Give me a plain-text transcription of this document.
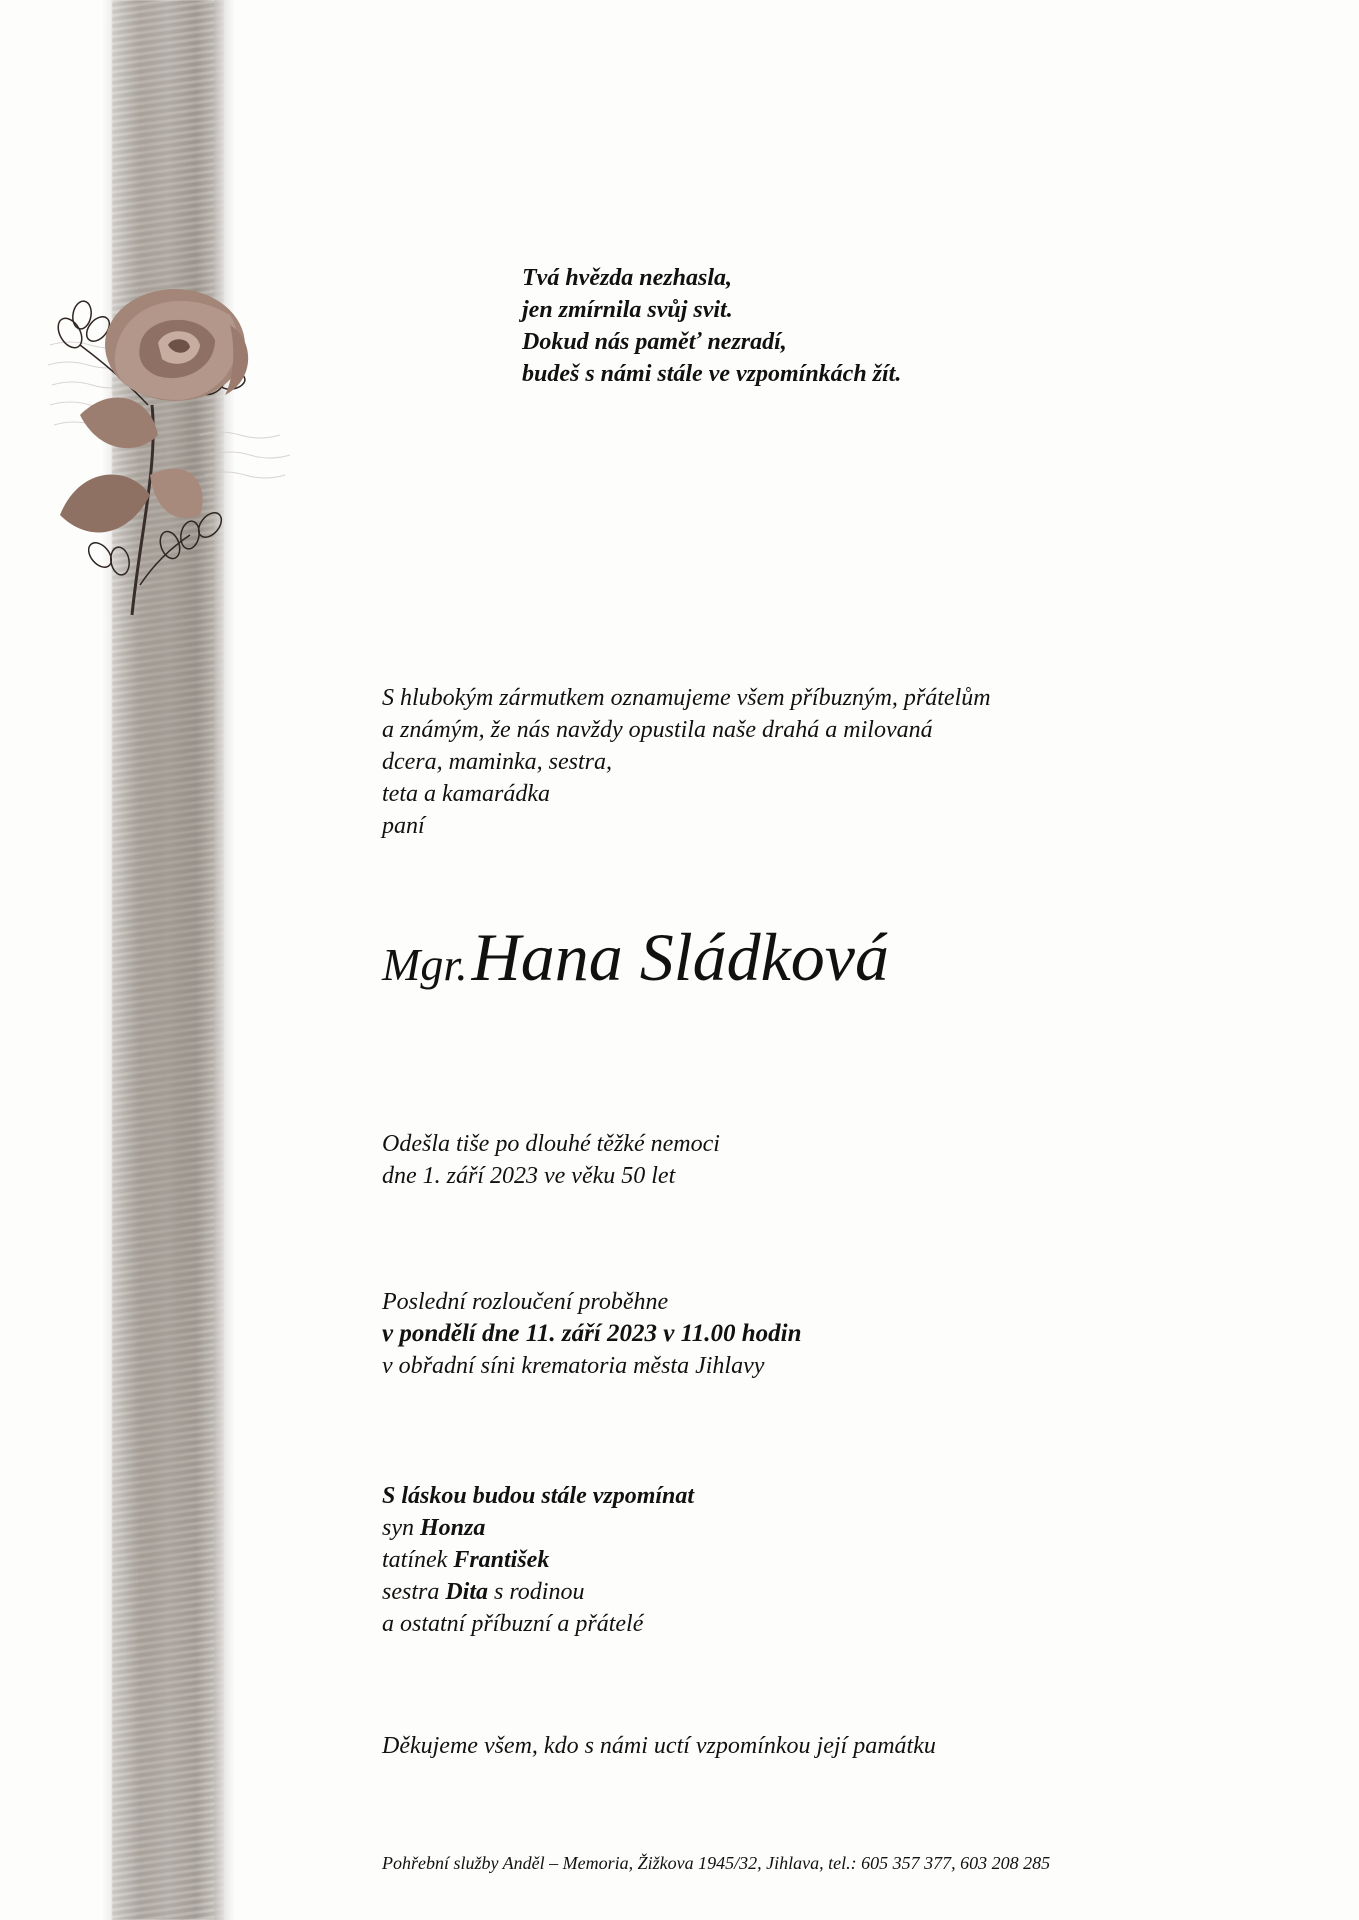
Tvá hvězda nezhasla,
jen zmírnila svůj svit.
Dokud nás paměť nezradí,
budeš s námi stále ve vzpomínkách žít.
S hlubokým zármutkem oznamujeme všem příbuzným, přátelům
a známým, že nás navždy opustila naše drahá a milovaná
dcera, maminka, sestra,
teta a kamarádka
paní
Mgr. Hana Sládková
Odešla tiše po dlouhé těžké nemoci
dne 1. září 2023 ve věku 50 let
Poslední rozloučení proběhne
v pondělí dne 11. září 2023 v 11.00 hodin
v obřadní síni krematoria města Jihlavy
S láskou budou stále vzpomínat
syn Honza
tatínek František
sestra Dita s rodinou
a ostatní příbuzní a přátelé
Děkujeme všem, kdo s námi uctí vzpomínkou její památku
Pohřební služby Anděl – Memoria, Žižkova 1945/32, Jihlava, tel.: 605 357 377, 603 208 285
